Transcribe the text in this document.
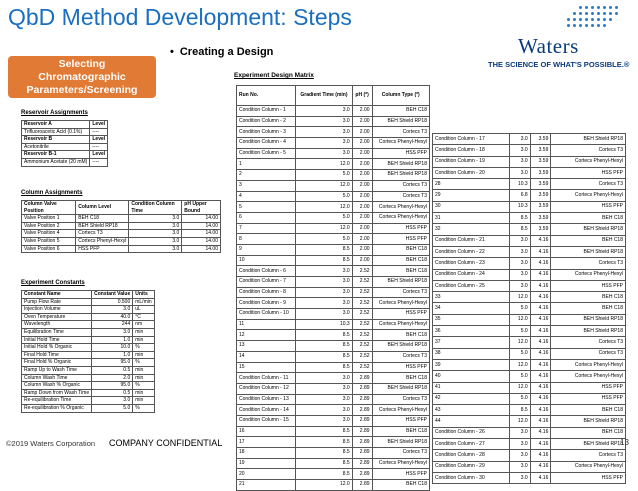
QbD Method Development: Steps
Waters
THE SCIENCE OF WHAT'S POSSIBLE.®
Selecting
Chromatographic
Parameters/Screening
• Creating a Design
Reservoir Assignments
Reservoir A	Level
Trifluoroacetic Acid (0.1%)	----
Reservoir B	Level
Acetonitrile	----
Reservoir B-1	Level
Ammonium Acetate (20 mM)	----
Column Assignments
Column Valve Position	Column Level	Condition Column Time	pH Upper Bound
Valve Position 1	BEH C18	3.0	14.00
Valve Position 2	BEH Shield RP18	3.0	14.00
Valve Position 4	Cortecs T3	3.0	14.00
Valve Position 5	Cortecs Phenyl-Hexyl	3.0	14.00
Valve Position 6	HSS PFP	3.0	14.00
Experiment Constants
Constant Name	Constant Value	Units
Pump Flow Rate	0.500	mL/min
Injection Volume	3.0	uL
Oven Temperature	40.0	°C
Wavelength	244	nm
Equilibration Time	3.0	min
Initial Hold Time	1.0	min
Initial Hold % Organic	10.0	%
Final Hold Time	1.0	min
Final Hold % Organic	95.0	%
Ramp Up to Wash Time	0.5	min
Column Wash Time	2.0	min
Column Wash % Organic	95.0	%
Ramp Down from Wash Time	0.5	min
Re-equilibration Time	3.0	min
Re-equilibration % Organic	5.0	%
Experiment Design Matrix
Run No.	Gradient Time (min)	pH (*)	Column Type (*)
Condition Column - 1	3.0	2.00	BEH C18
Condition Column - 2	3.0	2.00	BEH Shield RP18
Condition Column - 3	3.0	2.00	Cortecs T3
Condition Column - 4	3.0	2.00	Cortecs Phenyl-Hexyl
Condition Column - 5	3.0	2.00	HSS PFP
1	12.0	2.00	BEH Shield RP18
2	5.0	2.00	BEH Shield RP18
3	12.0	2.00	Cortecs T3
4	5.0	2.00	Cortecs T3
5	12.0	2.00	Cortecs Phenyl-Hexyl
6	5.0	2.00	Cortecs Phenyl-Hexyl
7	12.0	2.00	HSS PFP
8	5.0	2.00	HSS PFP
9	8.5	2.00	BEH C18
10	8.5	2.00	BEH C18
Condition Column - 6	3.0	2.52	BEH C18
Condition Column - 7	3.0	2.52	BEH Shield RP18
Condition Column - 8	3.0	2.52	Cortecs T3
Condition Column - 9	3.0	2.52	Cortecs Phenyl-Hexyl
Condition Column - 10	3.0	2.52	HSS PFP
11	10.3	2.52	Cortecs Phenyl-Hexyl
12	8.5	2.52	BEH C18
13	8.5	2.52	BEH Shield RP18
14	8.5	2.52	Cortecs T3
15	8.5	2.52	HSS PFP
Condition Column - 11	3.0	2.89	BEH C18
Condition Column - 12	3.0	2.89	BEH Shield RP18
Condition Column - 13	3.0	2.89	Cortecs T3
Condition Column - 14	3.0	2.89	Cortecs Phenyl-Hexyl
Condition Column - 15	3.0	2.89	HSS PFP
16	8.5	2.89	BEH C18
17	8.5	2.89	BEH Shield RP18
18	8.5	2.89	Cortecs T3
19	8.5	2.89	Cortecs Phenyl-Hexyl
20	8.5	2.89	HSS PFP
21	12.0	2.89	BEH C18
Condition Column - 17	3.0	3.59	BEH Shield RP18
Condition Column - 18	3.0	3.59	Cortecs T3
Condition Column - 19	3.0	3.59	Cortecs Phenyl-Hexyl
Condition Column - 20	3.0	3.59	HSS PFP
28	10.3	3.59	Cortecs T3
29	6.8	3.59	Cortecs Phenyl-Hexyl
30	10.3	3.59	HSS PFP
31	8.5	3.59	BEH C18
32	8.5	3.59	BEH Shield RP18
Condition Column - 21	3.0	4.16	BEH C18
Condition Column - 22	3.0	4.16	BEH Shield RP18
Condition Column - 23	3.0	4.16	Cortecs T3
Condition Column - 24	3.0	4.16	Cortecs Phenyl-Hexyl
Condition Column - 25	3.0	4.16	HSS PFP
33	12.0	4.16	BEH C18
34	5.0	4.16	BEH C18
35	12.0	4.16	BEH Shield RP18
36	5.0	4.16	BEH Shield RP18
37	12.0	4.16	Cortecs T3
38	5.0	4.16	Cortecs T3
39	12.0	4.16	Cortecs Phenyl-Hexyl
40	5.0	4.16	Cortecs Phenyl-Hexyl
41	12.0	4.16	HSS PFP
42	5.0	4.16	HSS PFP
43	8.5	4.16	BEH C18
44	12.0	4.16	BEH Shield RP18
Condition Column - 26	3.0	4.16	BEH C18
Condition Column - 27	3.0	4.16	BEH Shield RP18
Condition Column - 28	3.0	4.16	Cortecs T3
Condition Column - 29	3.0	4.16	Cortecs Phenyl-Hexyl
Condition Column - 30	3.0	4.16	HSS PFP
©2019 Waters Corporation COMPANY CONFIDENTIAL	13
